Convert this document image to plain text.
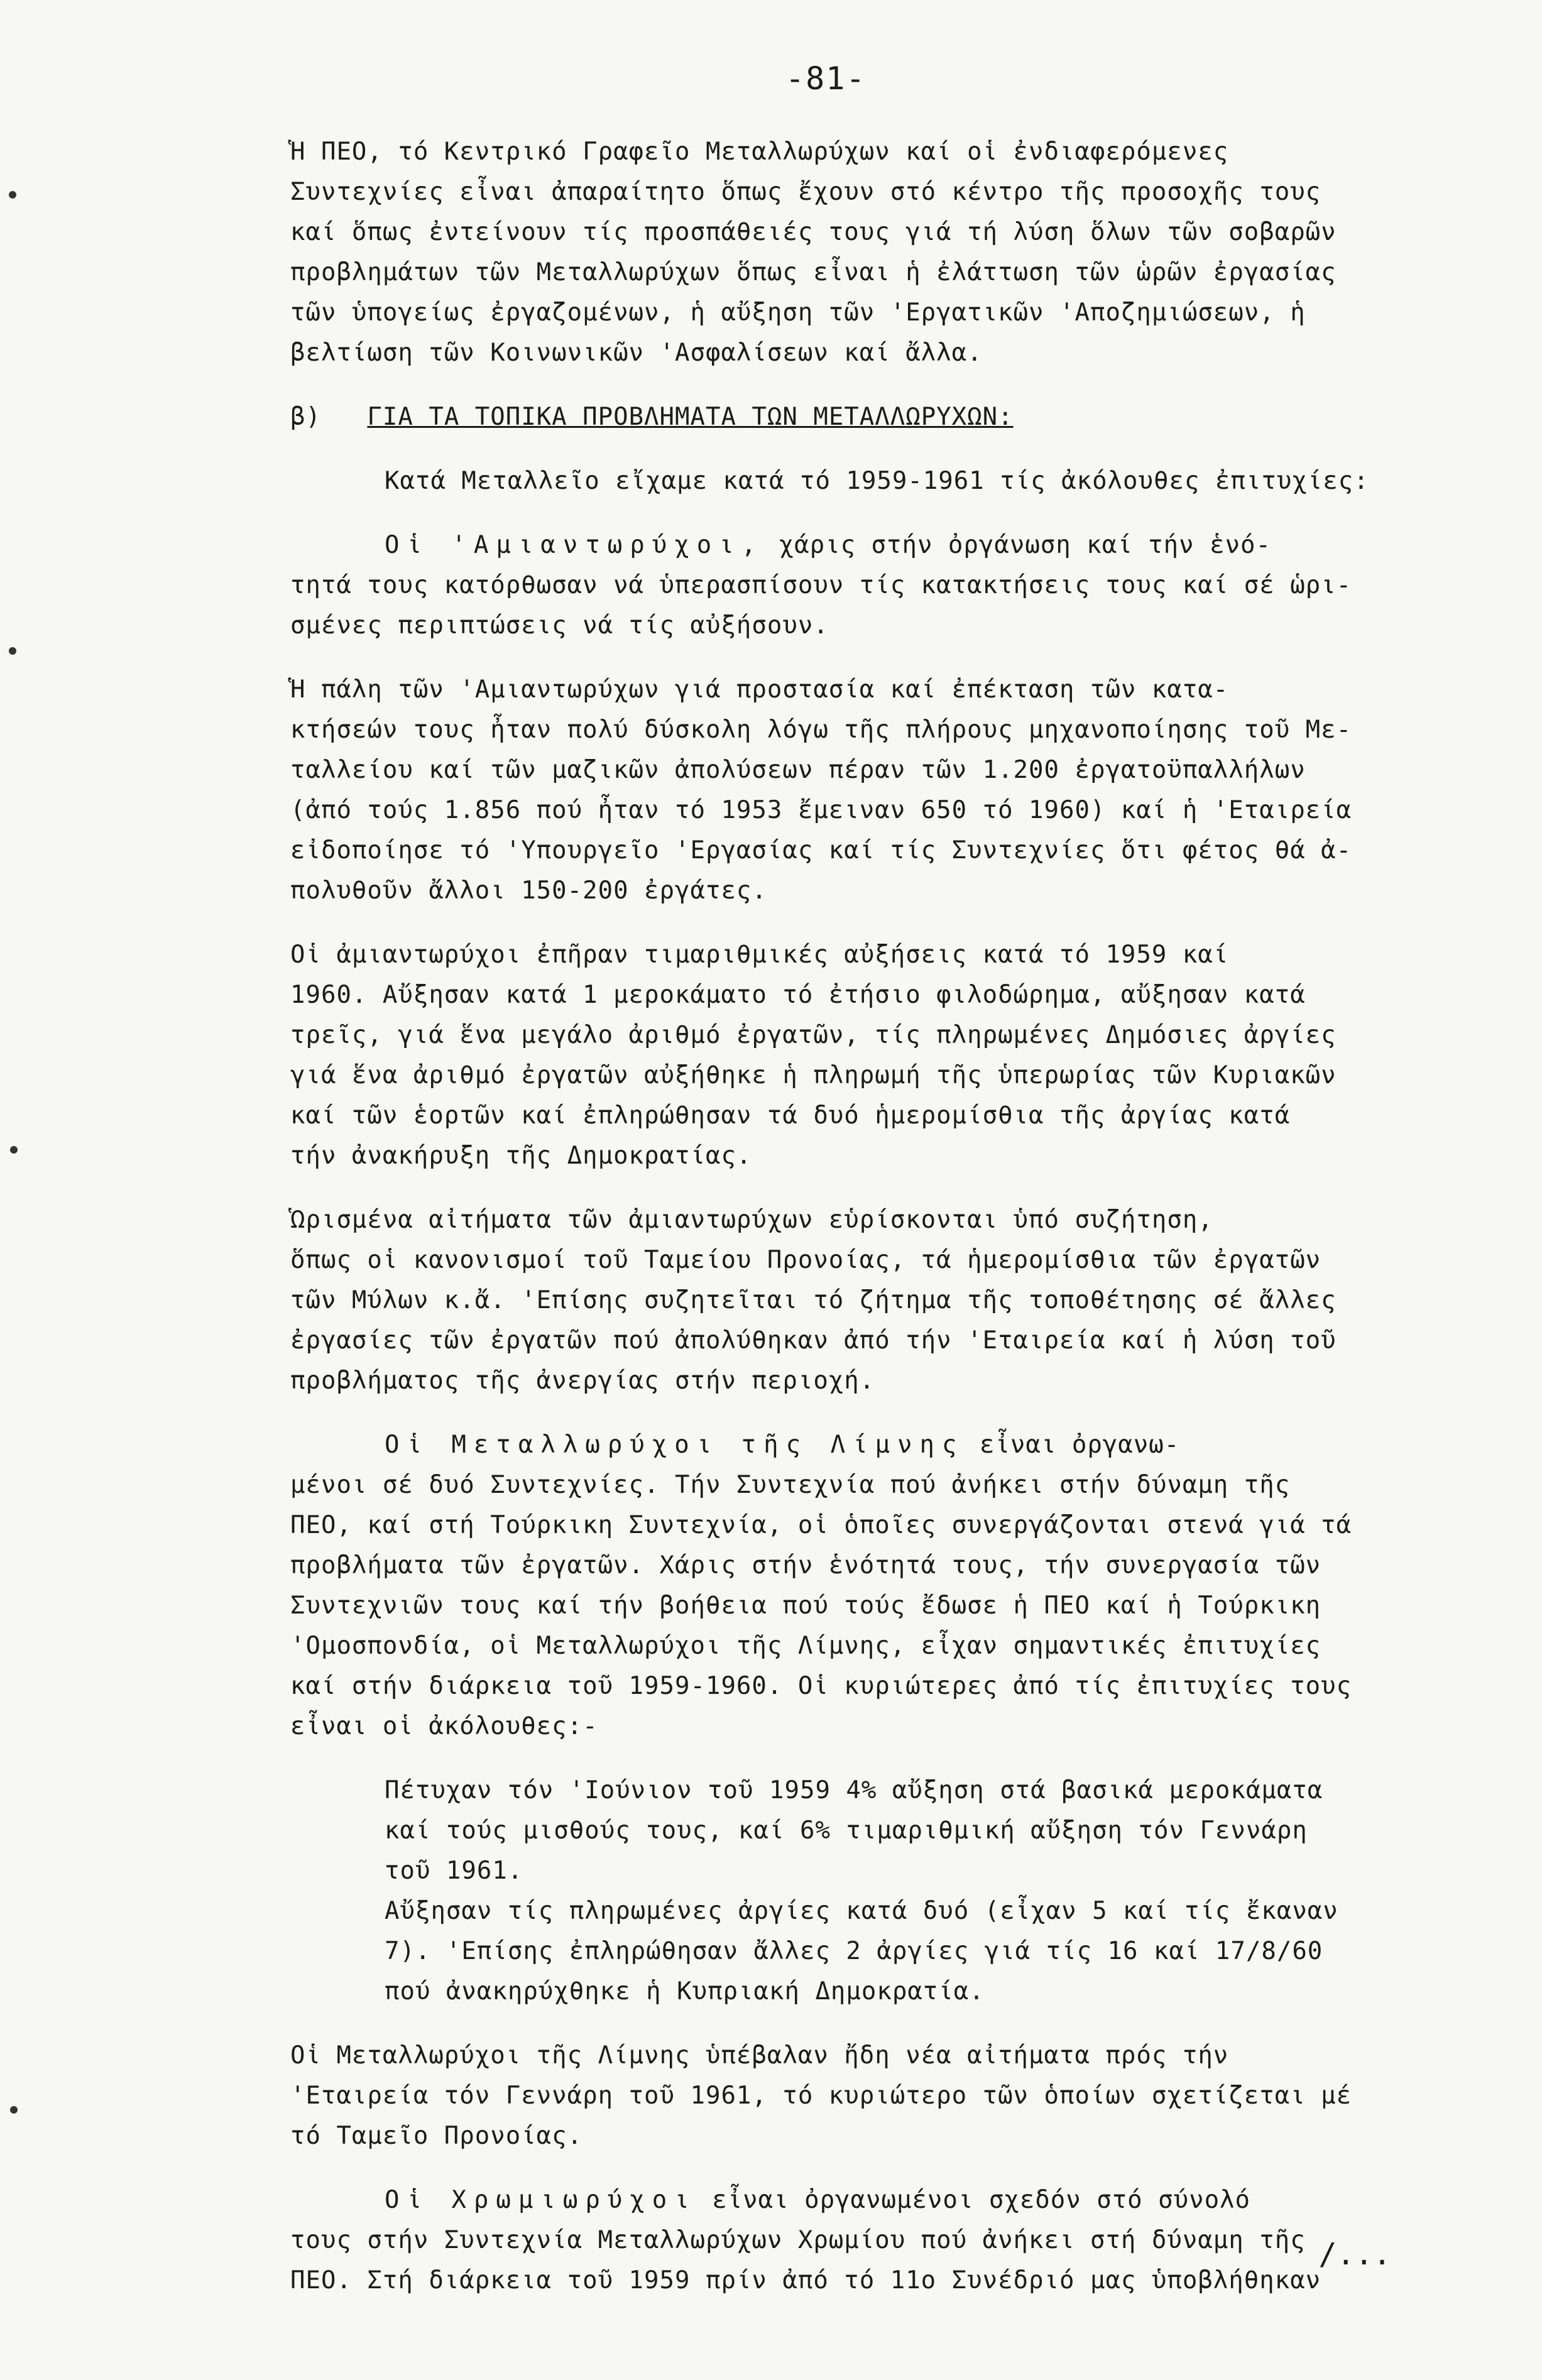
-81-

Ἡ ΠΕΟ, τό Κεντρικό Γραφεῖο Μεταλλωρύχων καί οἱ ἐνδιαφερόμενες
Συντεχνίες εἶναι ἀπαραίτητο ὅπως ἔχουν στό κέντρο τῆς προσοχῆς τους
καί ὅπως ἐντείνουν τίς προσπάθειές τους γιά τή λύση ὅλων τῶν σοβαρῶν
προβλημάτων τῶν Μεταλλωρύχων ὅπως εἶναι ἡ ἐλάττωση τῶν ὡρῶν ἐργασίας
τῶν ὑπογείως ἐργαζομένων, ἡ αὔξηση τῶν 'Εργατικῶν 'Αποζημιώσεων, ἡ
βελτίωση τῶν Κοινωνικῶν 'Ασφαλίσεων καί ἄλλα.

β) ΓΙΑ ΤΑ ΤΟΠΙΚΑ ΠΡΟΒΛΗΜΑΤΑ ΤΩΝ ΜΕΤΑΛΛΩΡΥΧΩΝ:

Κατά Μεταλλεῖο εἴχαμε κατά τό 1959-1961 τίς ἀκόλουθες ἐπιτυχίες:

Οἱ 'Αμιαντωρύχοι, χάρις στήν ὀργάνωση καί τήν ἑνό-
τητά τους κατόρθωσαν νά ὑπερασπίσουν τίς κατακτήσεις τους καί σέ ὡρι-
σμένες περιπτώσεις νά τίς αὐξήσουν.

Ἡ πάλη τῶν 'Αμιαντωρύχων γιά προστασία καί ἐπέκταση τῶν κατα-
κτήσεών τους ἦταν πολύ δύσκολη λόγω τῆς πλήρους μηχανοποίησης τοῦ Με-
ταλλείου καί τῶν μαζικῶν ἀπολύσεων πέραν τῶν 1.200 ἐργατοϋπαλλήλων
(ἀπό τούς 1.856 πού ἦταν τό 1953 ἔμειναν 650 τό 1960) καί ἡ 'Εταιρεία
εἰδοποίησε τό 'Υπουργεῖο 'Εργασίας καί τίς Συντεχνίες ὅτι φέτος θά ἀ-
πολυθοῦν ἄλλοι 150-200 ἐργάτες.

Οἱ ἀμιαντωρύχοι ἐπῆραν τιμαριθμικές αὐξήσεις κατά τό 1959 καί
1960. Αὔξησαν κατά 1 μεροκάματο τό ἐτήσιο φιλοδώρημα, αὔξησαν κατά
τρεῖς, γιά ἕνα μεγάλο ἀριθμό ἐργατῶν, τίς πληρωμένες Δημόσιες ἀργίες
γιά ἕνα ἀριθμό ἐργατῶν αὐξήθηκε ἡ πληρωμή τῆς ὑπερωρίας τῶν Κυριακῶν
καί τῶν ἑορτῶν καί ἐπληρώθησαν τά δυό ἡμερομίσθια τῆς ἀργίας κατά
τήν ἀνακήρυξη τῆς Δημοκρατίας.

Ὡρισμένα αἰτήματα τῶν ἀμιαντωρύχων εὑρίσκονται ὑπό συζήτηση,
ὅπως οἱ κανονισμοί τοῦ Ταμείου Προνοίας, τά ἡμερομίσθια τῶν ἐργατῶν
τῶν Μύλων κ.ἄ. 'Επίσης συζητεῖται τό ζήτημα τῆς τοποθέτησης σέ ἄλλες
ἐργασίες τῶν ἐργατῶν πού ἀπολύθηκαν ἀπό τήν 'Εταιρεία καί ἡ λύση τοῦ
προβλήματος τῆς ἀνεργίας στήν περιοχή.

Οἱ Μεταλλωρύχοι τῆς Λίμνης εἶναι ὀργανω-
μένοι σέ δυό Συντεχνίες. Τήν Συντεχνία πού ἀνήκει στήν δύναμη τῆς
ΠΕΟ, καί στή Τούρκικη Συντεχνία, οἱ ὁποῖες συνεργάζονται στενά γιά τά
προβλήματα τῶν ἐργατῶν. Χάρις στήν ἑνότητά τους, τήν συνεργασία τῶν
Συντεχνιῶν τους καί τήν βοήθεια πού τούς ἔδωσε ἡ ΠΕΟ καί ἡ Τούρκικη
'Ομοσπονδία, οἱ Μεταλλωρύχοι τῆς Λίμνης, εἶχαν σημαντικές ἐπιτυχίες
καί στήν διάρκεια τοῦ 1959-1960. Οἱ κυριώτερες ἀπό τίς ἐπιτυχίες τους
εἶναι οἱ ἀκόλουθες:-

Πέτυχαν τόν 'Ιούνιον τοῦ 1959 4% αὔξηση στά βασικά μεροκάματα
καί τούς μισθούς τους, καί 6% τιμαριθμική αὔξηση τόν Γεννάρη
τοῦ 1961.
Αὔξησαν τίς πληρωμένες ἀργίες κατά δυό (εἶχαν 5 καί τίς ἔκαναν
7). 'Επίσης ἐπληρώθησαν ἄλλες 2 ἀργίες γιά τίς 16 καί 17/8/60
πού ἀνακηρύχθηκε ἡ Κυπριακή Δημοκρατία.

Οἱ Μεταλλωρύχοι τῆς Λίμνης ὑπέβαλαν ἤδη νέα αἰτήματα πρός τήν
'Εταιρεία τόν Γεννάρη τοῦ 1961, τό κυριώτερο τῶν ὁποίων σχετίζεται μέ
τό Ταμεῖο Προνοίας.

Οἱ Χρωμιωρύχοι εἶναι ὀργανωμένοι σχεδόν στό σύνολό
τους στήν Συντεχνία Μεταλλωρύχων Χρωμίου πού ἀνήκει στή δύναμη τῆς
ΠΕΟ. Στή διάρκεια τοῦ 1959 πρίν ἀπό τό 11ο Συνέδριό μας ὑποβλήθηκαν

/...
